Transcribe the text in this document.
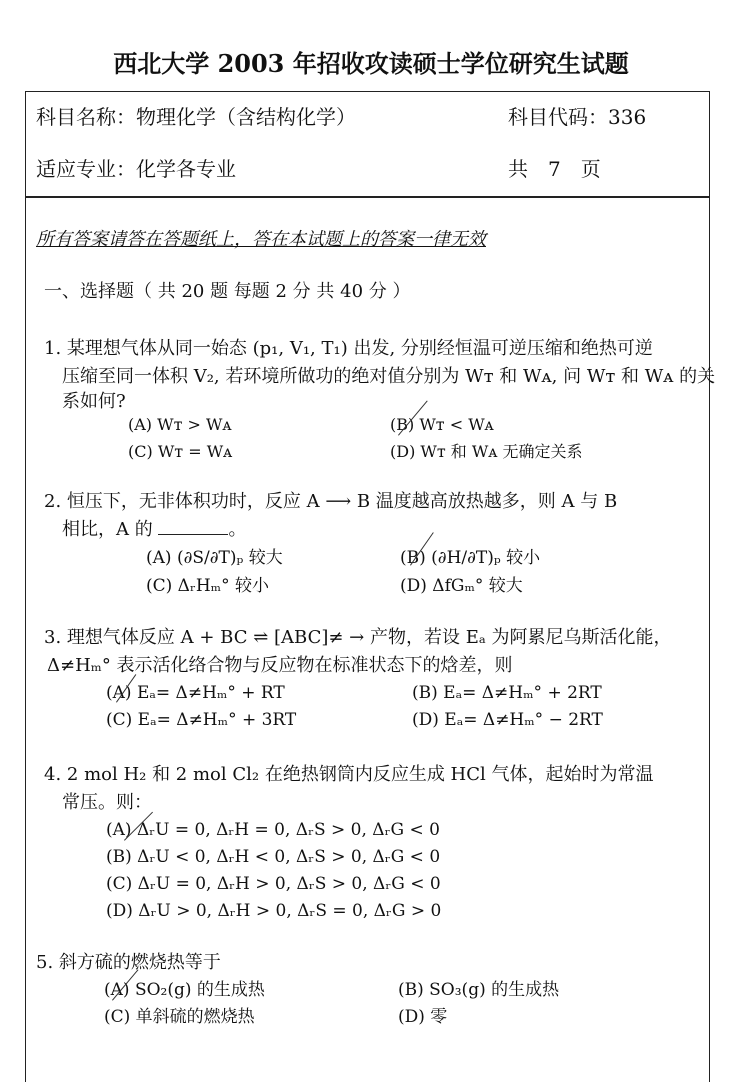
西北大学 2003 年招收攻读硕士学位研究生试题
科目名称：物理化学（含结构化学）	科目代码：336
适应专业：化学各专业	共　7　页
所有答案请答在答题纸上，答在本试题上的答案一律无效
一、选择题（ 共 20 题 每题 2 分 共 40 分 ）
1. 某理想气体从同一始态 (p₁, V₁, T₁) 出发, 分别经恒温可逆压缩和绝热可逆
压缩至同一体积 V₂, 若环境所做功的绝对值分别为 Wᴛ 和 Wᴀ, 问 Wᴛ 和 Wᴀ 的关
系如何?
(A) Wᴛ > Wᴀ	(B) Wᴛ < Wᴀ
(C) Wᴛ = Wᴀ	(D) Wᴛ 和 Wᴀ 无确定关系
2. 恒压下，无非体积功时，反应 A ⟶ B 温度越高放热越多，则 A 与 B
相比，A 的	。
(A) (∂S/∂T)ₚ 较大	(B) (∂H/∂T)ₚ 较小
(C) ΔᵣHₘ° 较小	(D) ΔfGₘ° 较大
3. 理想气体反应 A + BC ⇌ [ABC]≠ → 产物，若设 Eₐ 为阿累尼乌斯活化能，
Δ≠Hₘ° 表示活化络合物与反应物在标准状态下的焓差，则
(A) Eₐ= Δ≠Hₘ° + RT	(B) Eₐ= Δ≠Hₘ° + 2RT
(C) Eₐ= Δ≠Hₘ° + 3RT	(D) Eₐ= Δ≠Hₘ° − 2RT
4. 2 mol H₂ 和 2 mol Cl₂ 在绝热钢筒内反应生成 HCl 气体，起始时为常温
常压。则：
(A) ΔᵣU = 0, ΔᵣH = 0, ΔᵣS > 0, ΔᵣG < 0
(B) ΔᵣU < 0, ΔᵣH < 0, ΔᵣS > 0, ΔᵣG < 0
(C) ΔᵣU = 0, ΔᵣH > 0, ΔᵣS > 0, ΔᵣG < 0
(D) ΔᵣU > 0, ΔᵣH > 0, ΔᵣS = 0, ΔᵣG > 0
5. 斜方硫的燃烧热等于
(A) SO₂(g) 的生成热	(B) SO₃(g) 的生成热
(C) 单斜硫的燃烧热	(D) 零
